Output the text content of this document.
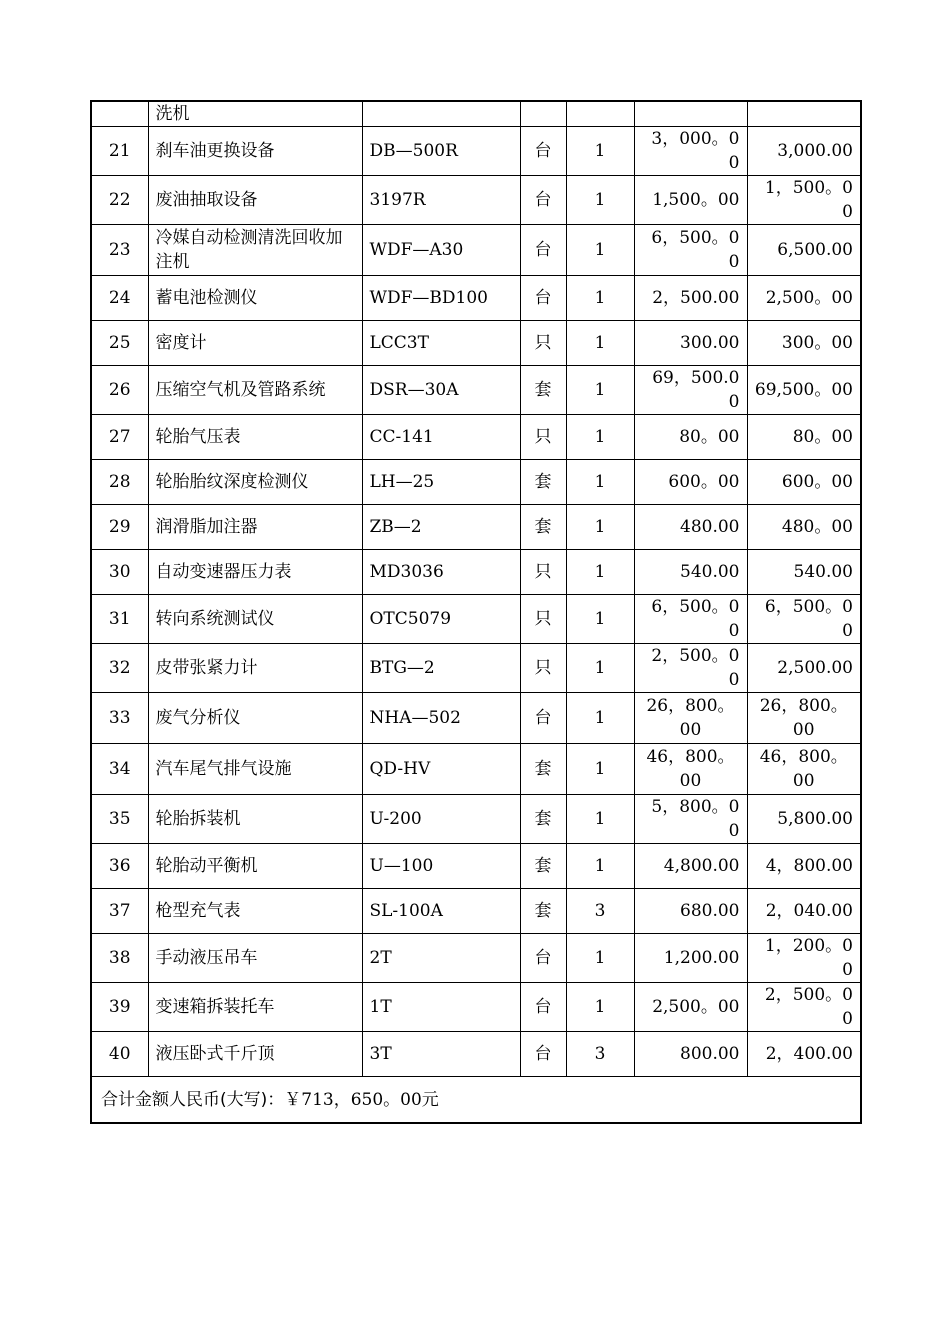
	洗机					
21	刹车油更换设备	DB—500R	台	1	3，000。00	3,000.00
22	废油抽取设备	3197R	台	1	1,500。00	1，500。00
23	冷媒自动检测清洗回收加注机	WDF—A30	台	1	6，500。00	6,500.00
24	蓄电池检测仪	WDF—BD100	台	1	2，500.00	2,500。00
25	密度计	LCC3T	只	1	300.00	300。00
26	压缩空气机及管路系统	DSR—30A	套	1	69，500.00	69,500。00
27	轮胎气压表	CC-141	只	1	80。00	80。00
28	轮胎胎纹深度检测仪	LH—25	套	1	600。00	600。00
29	润滑脂加注器	ZB—2	套	1	480.00	480。00
30	自动变速器压力表	MD3036	只	1	540.00	540.00
31	转向系统测试仪	OTC5079	只	1	6，500。00	6，500。00
32	皮带张紧力计	BTG—2	只	1	2，500。00	2,500.00
33	废气分析仪	NHA—502	台	1	26，800。00	26，800。00
34	汽车尾气排气设施	QD-HV	套	1	46，800。00	46，800。00
35	轮胎拆装机	U-200	套	1	5，800。00	5,800.00
36	轮胎动平衡机	U—100	套	1	4,800.00	4，800.00
37	枪型充气表	SL-100A	套	3	680.00	2，040.00
38	手动液压吊车	2T	台	1	1,200.00	1，200。00
39	变速箱拆装托车	1T	台	1	2,500。00	2，500。00
40	液压卧式千斤顶	3T	台	3	800.00	2，400.00
合计金额人民币(大写)：￥713，650。00元						
